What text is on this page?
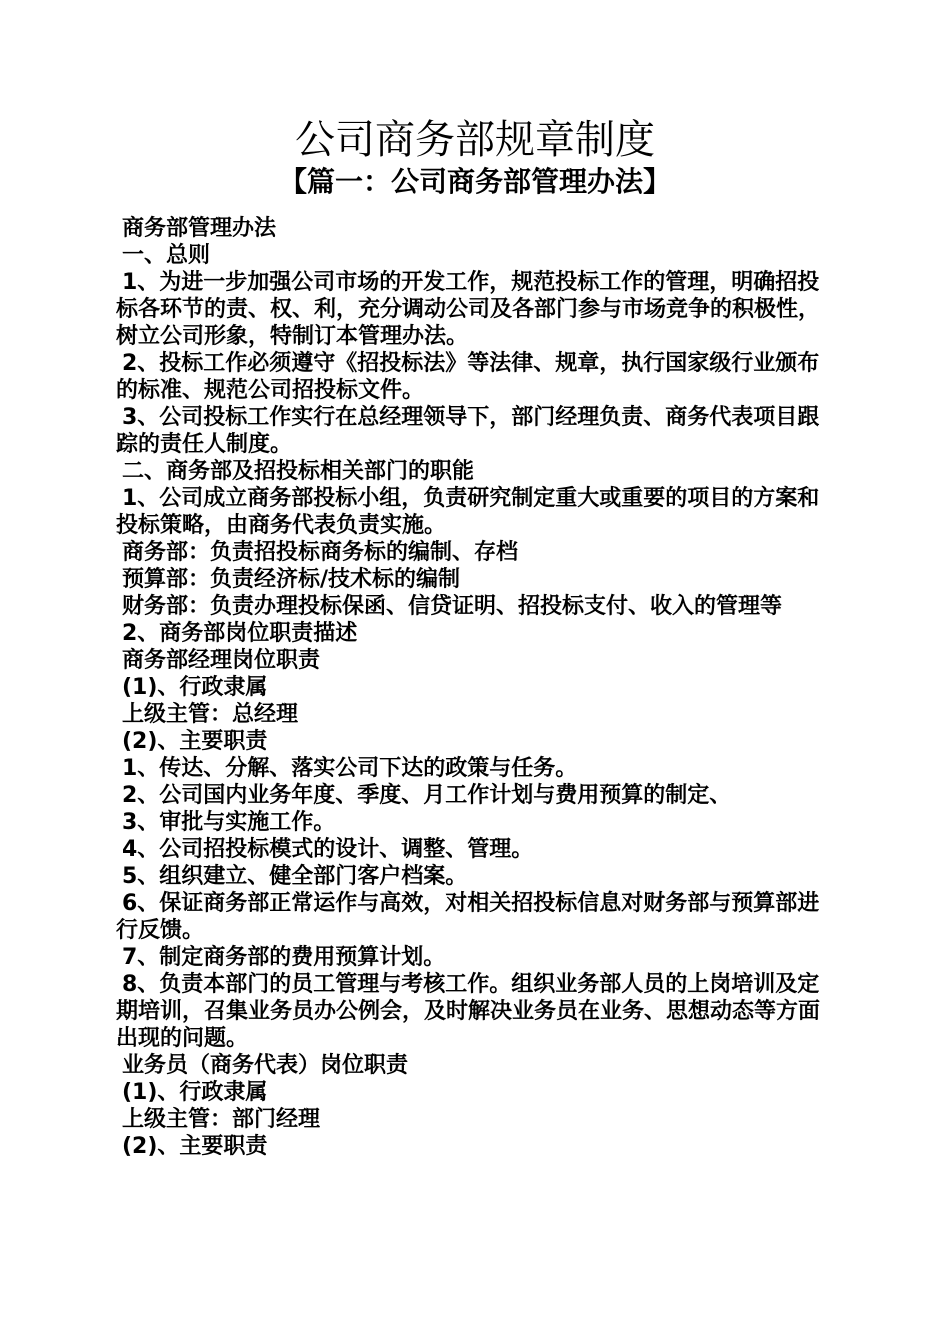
公司商务部规章制度
【篇一：公司商务部管理办法】

商务部管理办法

一、总则

1、为进一步加强公司市场的开发工作，规范投标工作的管理，明确招投标各环节的责、权、利，充分调动公司及各部门参与市场竞争的积极性，树立公司形象，特制订本管理办法。

2、投标工作必须遵守《招投标法》等法律、规章，执行国家级行业颁布的标准、规范公司招投标文件。

3、公司投标工作实行在总经理领导下，部门经理负责、商务代表项目跟踪的责任人制度。

二、商务部及招投标相关部门的职能

1、公司成立商务部投标小组，负责研究制定重大或重要的项目的方案和投标策略，由商务代表负责实施。

商务部：负责招投标商务标的编制、存档

预算部：负责经济标/技术标的编制

财务部：负责办理投标保函、信贷证明、招投标支付、收入的管理等

2、商务部岗位职责描述

商务部经理岗位职责

(1)、行政隶属

上级主管：总经理

(2)、主要职责

1、传达、分解、落实公司下达的政策与任务。

2、公司国内业务年度、季度、月工作计划与费用预算的制定、

3、审批与实施工作。

4、公司招投标模式的设计、调整、管理。

5、组织建立、健全部门客户档案。

6、保证商务部正常运作与高效，对相关招投标信息对财务部与预算部进行反馈。

7、制定商务部的费用预算计划。

8、负责本部门的员工管理与考核工作。组织业务部人员的上岗培训及定期培训，召集业务员办公例会，及时解决业务员在业务、思想动态等方面出现的问题。

业务员（商务代表）岗位职责

(1)、行政隶属

上级主管：部门经理

(2)、主要职责
